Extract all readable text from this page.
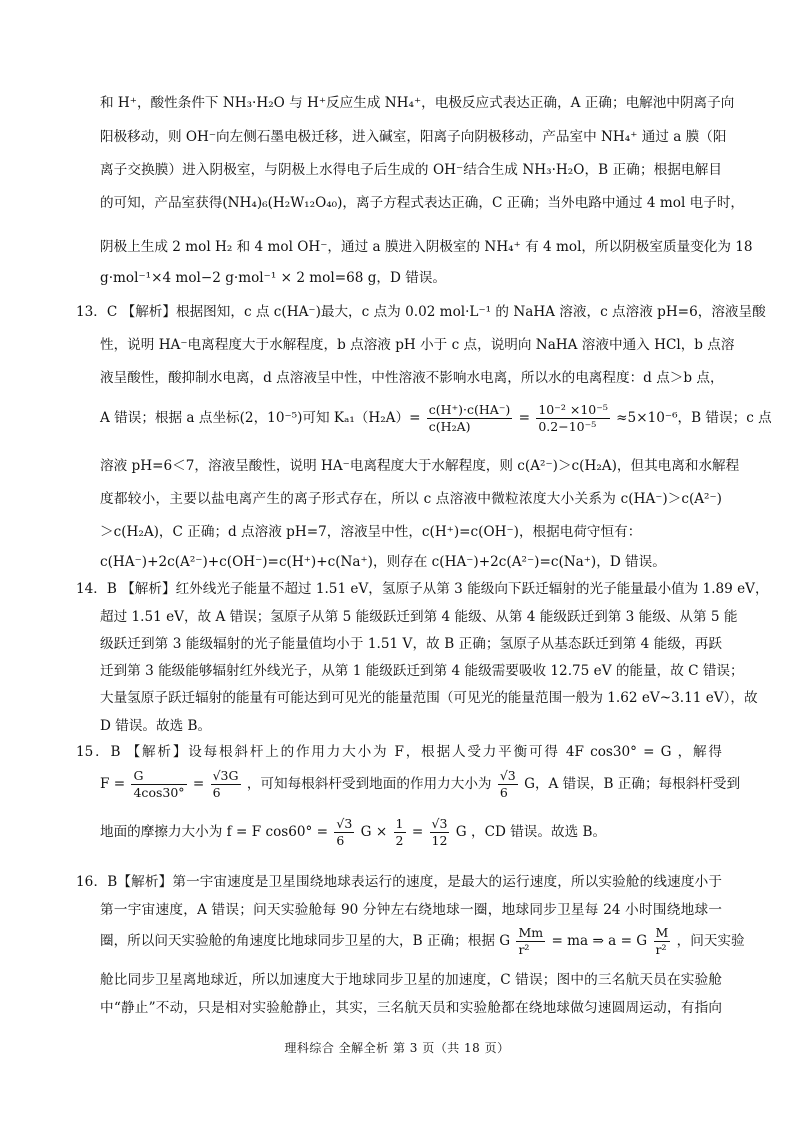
和 H⁺，酸性条件下 NH₃·H₂O 与 H⁺反应生成 NH₄⁺，电极反应式表达正确，A 正确；电解池中阴离子向
阳极移动，则 OH⁻向左侧石墨电极迁移，进入碱室，阳离子向阴极移动，产品室中 NH₄⁺ 通过 a 膜（阳
离子交换膜）进入阴极室，与阴极上水得电子后生成的 OH⁻结合生成 NH₃·H₂O，B 正确；根据电解目
的可知，产品室获得(NH₄)₆(H₂W₁₂O₄₀)，离子方程式表达正确，C 正确；当外电路中通过 4 mol 电子时，
阴极上生成 2 mol H₂ 和 4 mol OH⁻，通过 a 膜进入阴极室的 NH₄⁺ 有 4 mol，所以阴极室质量变化为 18
g·mol⁻¹×4 mol−2 g·mol⁻¹ × 2 mol=68 g，D 错误。
13．C 【解析】根据图知，c 点 c(HA⁻)最大，c 点为 0.02 mol·L⁻¹ 的 NaHA 溶液，c 点溶液 pH=6，溶液呈酸
性，说明 HA⁻电离程度大于水解程度，b 点溶液 pH 小于 c 点，说明向 NaHA 溶液中通入 HCl，b 点溶
液呈酸性，酸抑制水电离，d 点溶液呈中性，中性溶液不影响水电离，所以水的电离程度：d 点＞b 点，
A 错误；根据 a 点坐标(2，10⁻⁵)可知 $K_{a1}(H_2A)= \frac{c(H^+)\cdot c(HA^-)}{\text{c(H₂A)}} = \frac{\text{10⁻² ×10⁻⁵}}{\text{0.2−10⁻⁵}} \approx 5\times 10^{-6}$，B 错误；c 点
溶液 pH=6＜7，溶液呈酸性，说明 HA⁻电离程度大于水解程度，则 c(A²⁻)＞c(H₂A)，但其电离和水解程
度都较小，主要以盐电离产生的离子形式存在，所以 c 点溶液中微粒浓度大小关系为 c(HA⁻)＞c(A²⁻)
＞c(H₂A)，C 正确；d 点溶液 pH=7，溶液呈中性，c(H⁺)=c(OH⁻)，根据电荷守恒有：
c(HA⁻)+2c(A²⁻)+c(OH⁻)=c(H⁺)+c(Na⁺)，则存在 c(HA⁻)+2c(A²⁻)=c(Na⁺)，D 错误。
14．B 【解析】红外线光子能量不超过 1.51 eV，氢原子从第 3 能级向下跃迁辐射的光子能量最小值为 1.89 eV，
超过 1.51 eV，故 A 错误；氢原子从第 5 能级跃迁到第 4 能级、从第 4 能级跃迁到第 3 能级、从第 5 能
级跃迁到第 3 能级辐射的光子能量值均小于 1.51 V，故 B 正确；氢原子从基态跃迁到第 4 能级，再跃
迁到第 3 能级能够辐射红外线光子，从第 1 能级跃迁到第 4 能级需要吸收 12.75 eV 的能量，故 C 错误；
大量氢原子跃迁辐射的能量有可能达到可见光的能量范围（可见光的能量范围一般为 1.62 eV~3.11 eV），故
D 错误。故选 B。
15．B 【解析】设每根斜杆上的作用力大小为 F，根据人受力平衡可得 4F cos30° = G ，解得
$F = \frac{G}{4\cos 30^\circ} = \frac{√3G}{6}$ ，可知每根斜杆受到地面的作用力大小为 $\frac{√3}{6}$ G，A 错误，B 正确；每根斜杆受到
地面的摩擦力大小为 f = F $\cos 60^\circ = \frac{√3}{6}$ $G \times \frac{1}{2} = \frac{√3}{12}$ G ，CD 错误。故选 B。
16．B【解析】第一宇宙速度是卫星围绕地球表运行的速度，是最大的运行速度，所以实验舱的线速度小于
第一宇宙速度，A 错误；问天实验舱每 90 分钟左右绕地球一圈，地球同步卫星每 24 小时围绕地球一
圈，所以问天实验舱的角速度比地球同步卫星的大，B 正确；根据 G $\frac{Mm}{\text{r²}}$ = ma ⇒ a = G $\frac{M}{\text{r²}}$ ，问天实验
舱比同步卫星离地球近，所以加速度大于地球同步卫星的加速度，C 错误；图中的三名航天员在实验舱
中“静止”不动，只是相对实验舱静止，其实，三名航天员和实验舱都在绕地球做匀速圆周运动，有指向
理科综合 全解全析 第 3 页（共 18 页）
